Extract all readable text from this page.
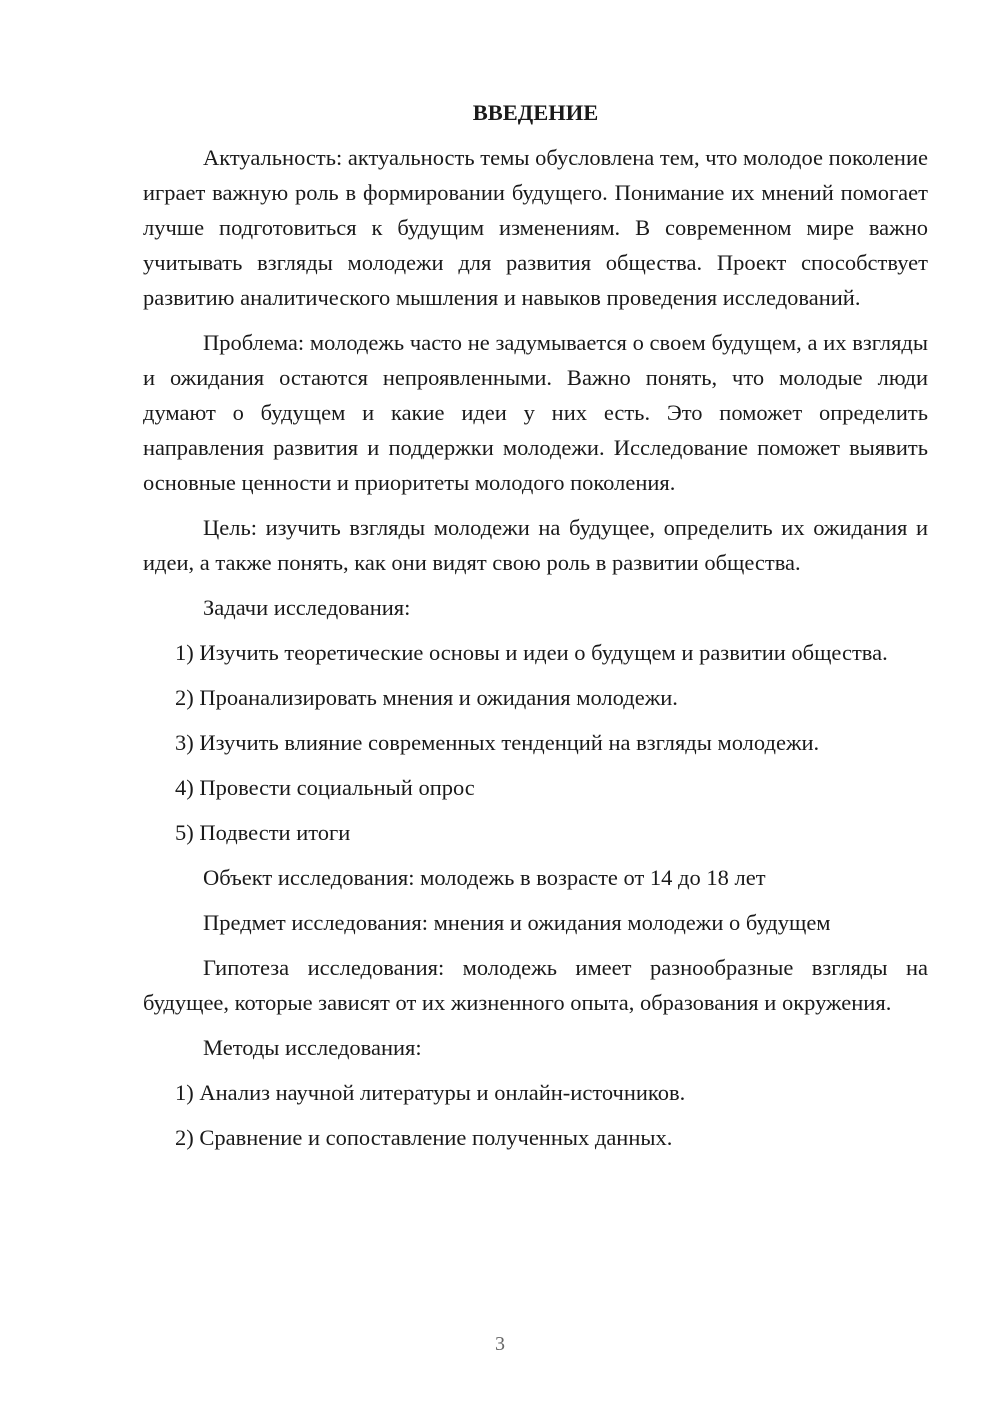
ВВЕДЕНИЕ

Актуальность: актуальность темы обусловлена тем, что молодое поколение играет важную роль в формировании будущего. Понимание их мнений помогает лучше подготовиться к будущим изменениям. В современном мире важно учитывать взгляды молодежи для развития общества. Проект способствует развитию аналитического мышления и навыков проведения исследований.

Проблема: молодежь часто не задумывается о своем будущем, а их взгляды и ожидания остаются непроявленными. Важно понять, что молодые люди думают о будущем и какие идеи у них есть. Это поможет определить направления развития и поддержки молодежи. Исследование поможет выявить основные ценности и приоритеты молодого поколения.

Цель: изучить взгляды молодежи на будущее, определить их ожидания и идеи, а также понять, как они видят свою роль в развитии общества.

Задачи исследования:

1) Изучить теоретические основы и идеи о будущем и развитии общества.

2) Проанализировать мнения и ожидания молодежи.

3) Изучить влияние современных тенденций на взгляды молодежи.

4) Провести социальный опрос

5) Подвести итоги

Объект исследования: молодежь в возрасте от 14 до 18 лет

Предмет исследования: мнения и ожидания молодежи о будущем

Гипотеза исследования: молодежь имеет разнообразные взгляды на будущее, которые зависят от их жизненного опыта, образования и окружения.

Методы исследования:

1) Анализ научной литературы и онлайн-источников.

2) Сравнение и сопоставление полученных данных.

3
